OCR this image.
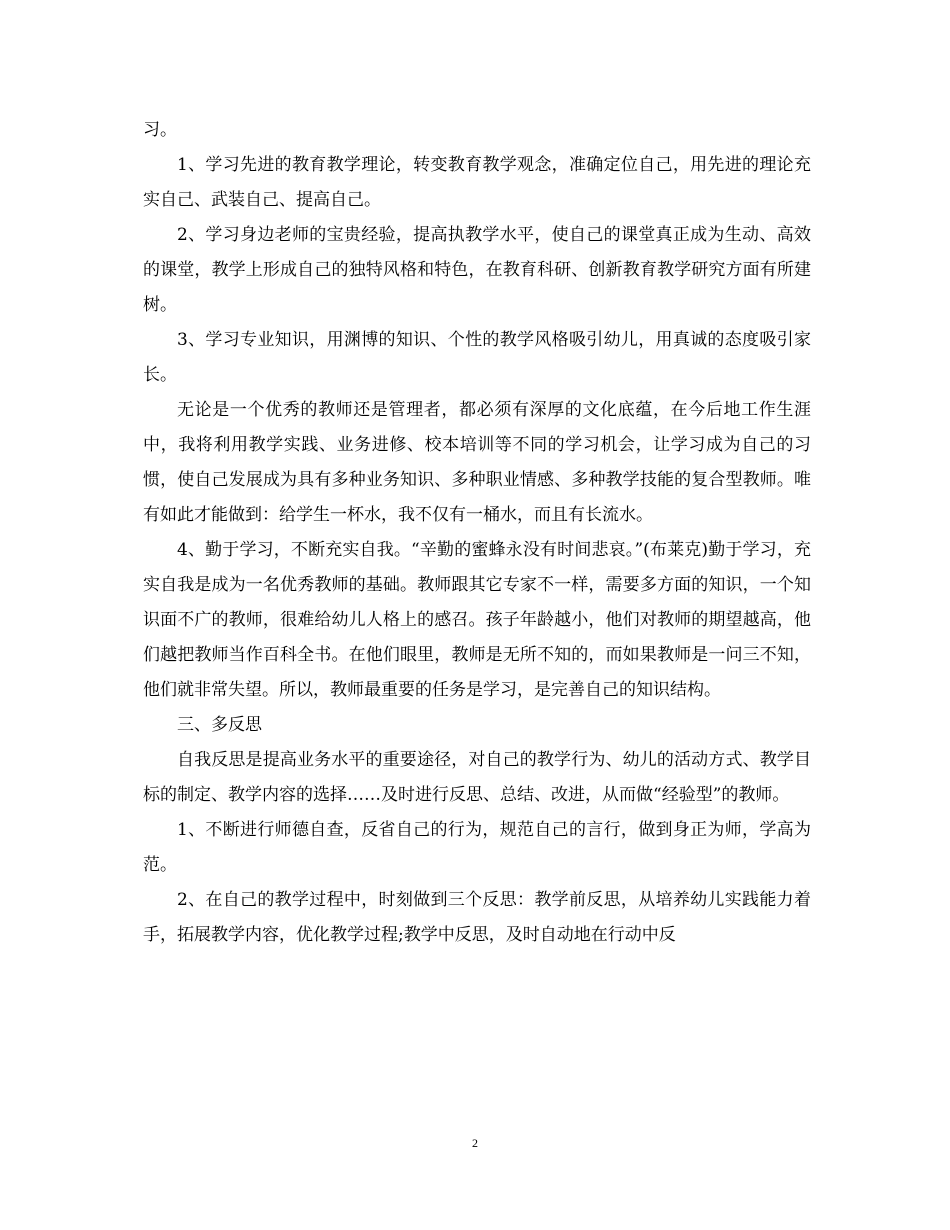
习。

1、学习先进的教育教学理论，转变教育教学观念，准确定位自己，用先进的理论充实自己、武装自己、提高自己。

2、学习身边老师的宝贵经验，提高执教学水平，使自己的课堂真正成为生动、高效的课堂，教学上形成自己的独特风格和特色，在教育科研、创新教育教学研究方面有所建树。

3、学习专业知识，用渊博的知识、个性的教学风格吸引幼儿，用真诚的态度吸引家长。

无论是一个优秀的教师还是管理者，都必须有深厚的文化底蕴，在今后地工作生涯中，我将利用教学实践、业务进修、校本培训等不同的学习机会，让学习成为自己的习惯，使自己发展成为具有多种业务知识、多种职业情感、多种教学技能的复合型教师。唯有如此才能做到：给学生一杯水，我不仅有一桶水，而且有长流水。

4、勤于学习，不断充实自我。“辛勤的蜜蜂永没有时间悲哀。”(布莱克)勤于学习，充实自我是成为一名优秀教师的基础。教师跟其它专家不一样，需要多方面的知识，一个知识面不广的教师，很难给幼儿人格上的感召。孩子年龄越小，他们对教师的期望越高，他们越把教师当作百科全书。在他们眼里，教师是无所不知的，而如果教师是一问三不知，他们就非常失望。所以，教师最重要的任务是学习，是完善自己的知识结构。

三、多反思

自我反思是提高业务水平的重要途径，对自己的教学行为、幼儿的活动方式、教学目标的制定、教学内容的选择……及时进行反思、总结、改进，从而做“经验型”的教师。

1、不断进行师德自查，反省自己的行为，规范自己的言行，做到身正为师，学高为范。

2、在自己的教学过程中，时刻做到三个反思：教学前反思，从培养幼儿实践能力着手，拓展教学内容，优化教学过程;教学中反思，及时自动地在行动中反

2
